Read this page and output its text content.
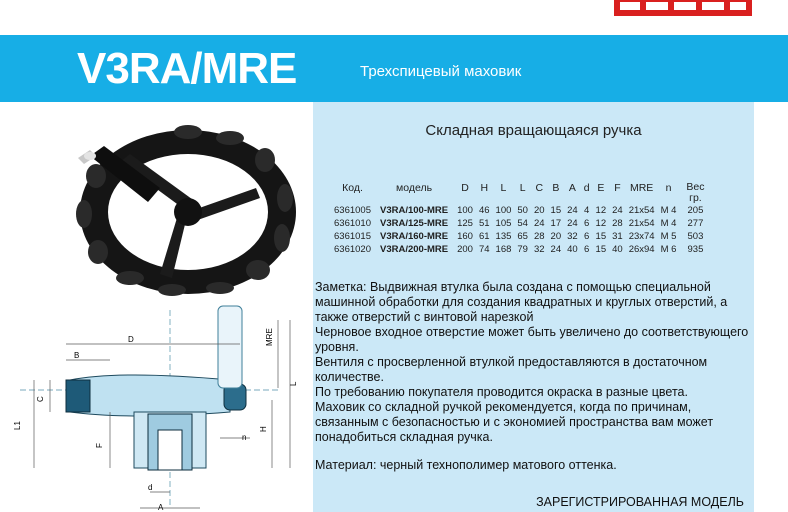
V3RA/MRE	Трехспицевый маховик
D
B
MRE
C
L1
L
F
n
H
d
A
Складная вращающаяся ручка
Код.	модель	D	H	L	L	C	B	A	d	E	F	MRE	n	Вес гр.
6361005	V3RA/100-MRE	100	46	100	50	20	15	24	4	12	24	21x54	M 4	205
6361010	V3RA/125-MRE	125	51	105	54	24	17	24	6	12	28	21x54	M 4	277
6361015	V3RA/160-MRE	160	61	135	65	28	20	32	6	15	31	23x74	M 5	503
6361020	V3RA/200-MRE	200	74	168	79	32	24	40	6	15	40	26x94	M 6	935

Заметка: Выдвижная втулка была создана с помощью специальной машинной обработки для создания квадратных и круглых отверстий, а также отверстий с винтовой нарезкой

Черновое входное отверстие может быть увеличено до соответствующего уровня.

Вентиля с просверленной втулкой предоставляются в достаточном количестве.

По требованию покупателя проводится окраска в разные цвета.

Маховик со складной ручкой рекомендуется, когда по причинам, связанным с безопасностью и с экономией пространства вам может понадобиться складная ручка.

Материал: черный технополимер матового оттенка.
ЗАРЕГИСТРИРОВАННАЯ МОДЕЛЬ
